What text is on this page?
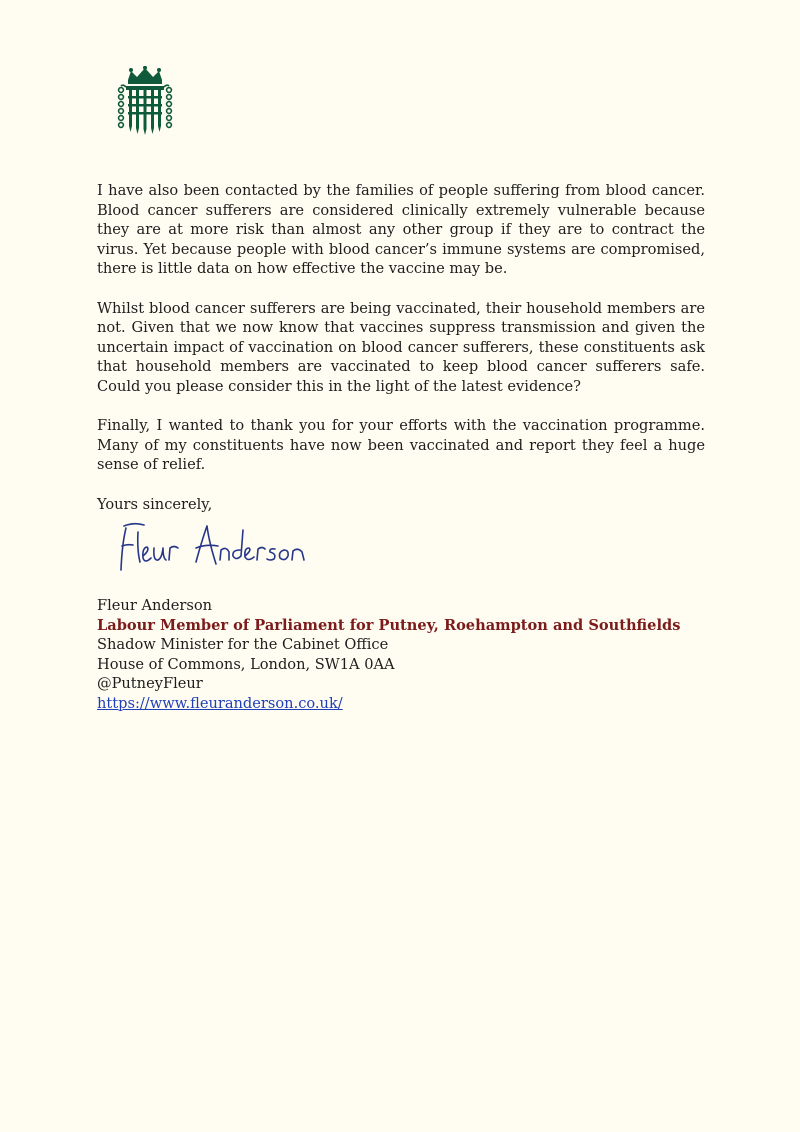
I have also been contacted by the families of people suffering from blood cancer. Blood cancer sufferers are considered clinically extremely vulnerable because they are at more risk than almost any other group if they are to contract the virus. Yet because people with blood cancer’s immune systems are compromised, there is little data on how effective the vaccine may be.

Whilst blood cancer sufferers are being vaccinated, their household members are not. Given that we now know that vaccines suppress transmission and given the uncertain impact of vaccination on blood cancer sufferers, these constituents ask that household members are vaccinated to keep blood cancer sufferers safe. Could you please consider this in the light of the latest evidence?

Finally, I wanted to thank you for your efforts with the vaccination programme. Many of my constituents have now been vaccinated and report they feel a huge sense of relief.

Yours sincerely,

Fleur Anderson
Labour Member of Parliament for Putney, Roehampton and Southfields
Shadow Minister for the Cabinet Office
House of Commons, London, SW1A 0AA
@PutneyFleur
https://www.fleuranderson.co.uk/
